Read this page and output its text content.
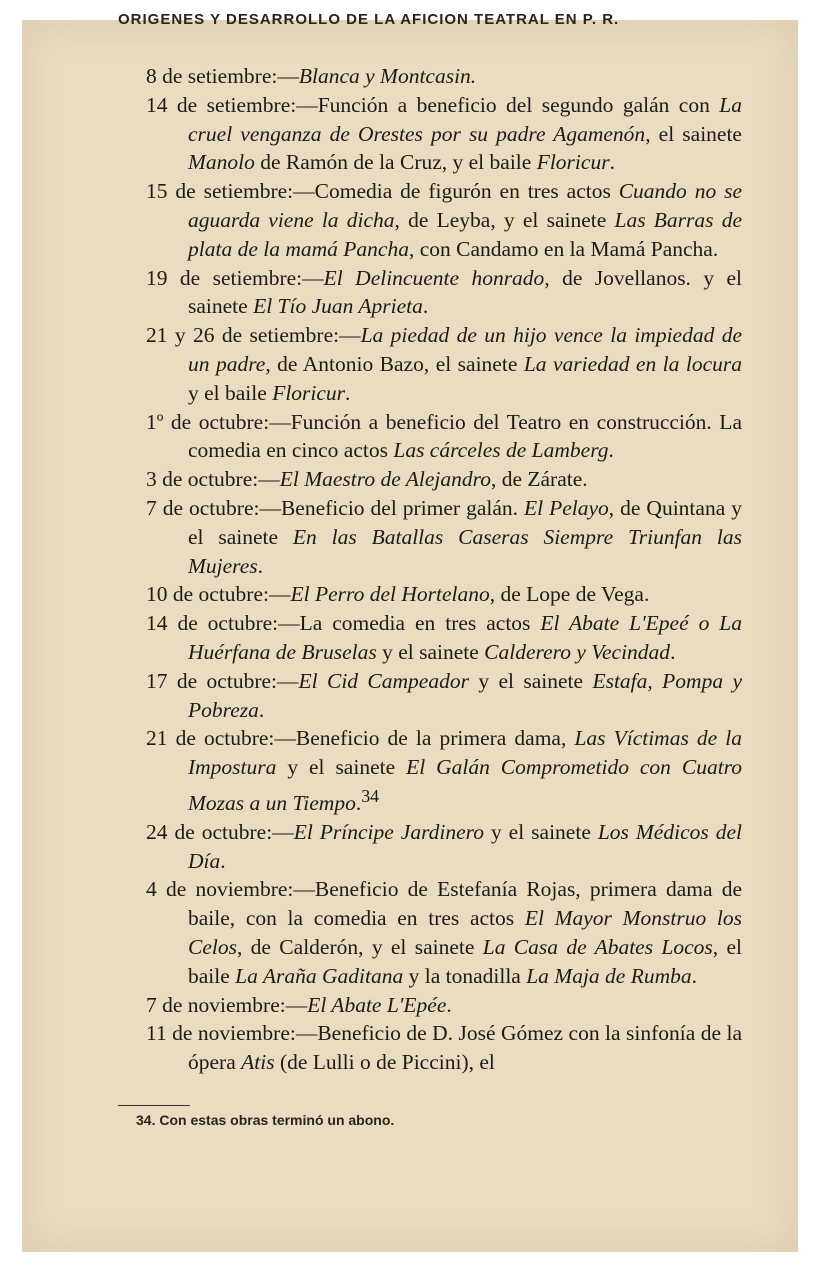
ORIGENES Y DESARROLLO DE LA AFICION TEATRAL EN P. R.
8 de setiembre:—Blanca y Montcasin.
14 de setiembre:—Función a beneficio del segundo galán con La cruel venganza de Orestes por su padre Agamenón, el sainete Manolo de Ramón de la Cruz, y el baile Floricur.
15 de setiembre:—Comedia de figurón en tres actos Cuando no se aguarda viene la dicha, de Leyba, y el sainete Las Barras de plata de la mamá Pancha, con Candamo en la Mamá Pancha.
19 de setiembre:—El Delincuente honrado, de Jovellanos. y el sainete El Tío Juan Aprieta.
21 y 26 de setiembre:—La piedad de un hijo vence la impiedad de un padre, de Antonio Bazo, el sainete La variedad en la locura y el baile Floricur.
1º de octubre:—Función a beneficio del Teatro en construcción. La comedia en cinco actos Las cárceles de Lamberg.
3 de octubre:—El Maestro de Alejandro, de Zárate.
7 de octubre:—Beneficio del primer galán. El Pelayo, de Quintana y el sainete En las Batallas Caseras Siempre Triunfan las Mujeres.
10 de octubre:—El Perro del Hortelano, de Lope de Vega.
14 de octubre:—La comedia en tres actos El Abate L'Epeé o La Huérfana de Bruselas y el sainete Calderero y Vecindad.
17 de octubre:—El Cid Campeador y el sainete Estafa, Pompa y Pobreza.
21 de octubre:—Beneficio de la primera dama, Las Víctimas de la Impostura y el sainete El Galán Comprometido con Cuatro Mozas a un Tiempo.$^{34}$
24 de octubre:—El Príncipe Jardinero y el sainete Los Médicos del Día.
4 de noviembre:—Beneficio de Estefanía Rojas, primera dama de baile, con la comedia en tres actos El Mayor Monstruo los Celos, de Calderón, y el sainete La Casa de Abates Locos, el baile La Araña Gaditana y la tonadilla La Maja de Rumba.
7 de noviembre:—El Abate L'Epée.
11 de noviembre:—Beneficio de D. José Gómez con la sinfonía de la ópera Atis (de Lulli o de Piccini), el
34. Con estas obras terminó un abono.
